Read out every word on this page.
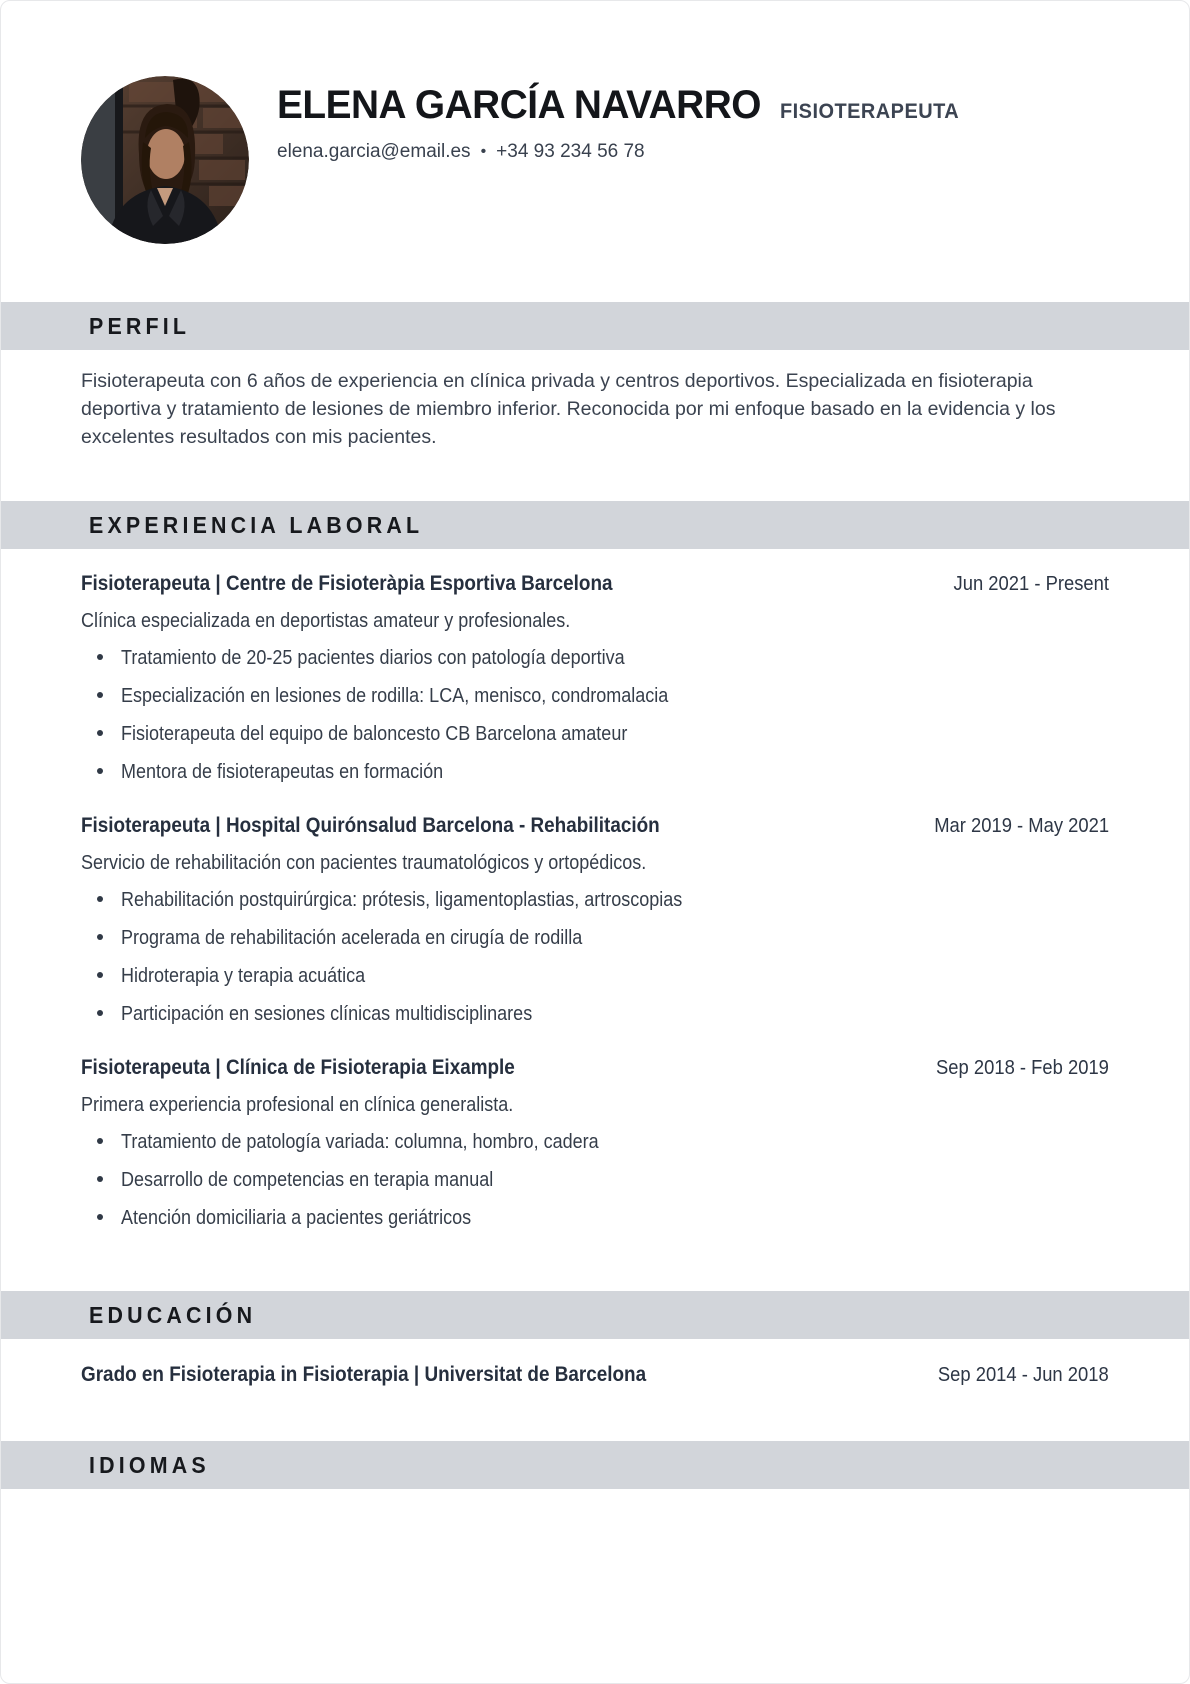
ELENA GARCÍA NAVARRO FISIOTERAPEUTA
elena.garcia@email.es • +34 93 234 56 78
PERFIL

Fisioterapeuta con 6 años de experiencia en clínica privada y centros deportivos. Especializada en fisioterapia deportiva y tratamiento de lesiones de miembro inferior. Reconocida por mi enfoque basado en la evidencia y los excelentes resultados con mis pacientes.

EXPERIENCIA LABORAL
Fisioterapeuta | Centre de Fisioteràpia Esportiva Barcelona	Jun 2021 - Present
Clínica especializada en deportistas amateur y profesionales.
Tratamiento de 20-25 pacientes diarios con patología deportiva
Especialización en lesiones de rodilla: LCA, menisco, condromalacia
Fisioterapeuta del equipo de baloncesto CB Barcelona amateur
Mentora de fisioterapeutas en formación
Fisioterapeuta | Hospital Quirónsalud Barcelona - Rehabilitación	Mar 2019 - May 2021
Servicio de rehabilitación con pacientes traumatológicos y ortopédicos.
Rehabilitación postquirúrgica: prótesis, ligamentoplastias, artroscopias
Programa de rehabilitación acelerada en cirugía de rodilla
Hidroterapia y terapia acuática
Participación en sesiones clínicas multidisciplinares
Fisioterapeuta | Clínica de Fisioterapia Eixample	Sep 2018 - Feb 2019
Primera experiencia profesional en clínica generalista.
Tratamiento de patología variada: columna, hombro, cadera
Desarrollo de competencias en terapia manual
Atención domiciliaria a pacientes geriátricos
EDUCACIÓN
Grado en Fisioterapia in Fisioterapia | Universitat de Barcelona	Sep 2014 - Jun 2018
IDIOMAS
